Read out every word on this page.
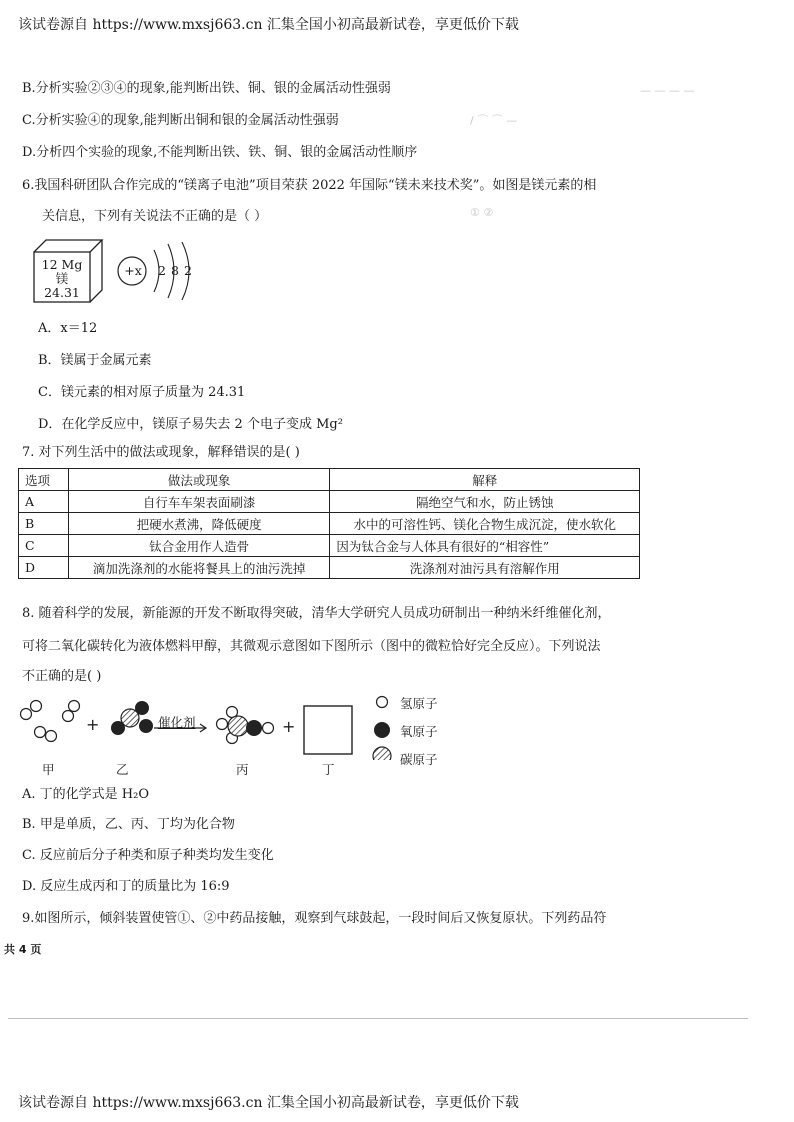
— — — —
/ ⌒ ⌒ —
① ②
该试卷源自 https://www.mxsj663.cn 汇集全国小初高最新试卷，享更低价下载
B.分析实验②③④的现象,能判断出铁、铜、银的金属活动性强弱
C.分析实验④的现象,能判断出铜和银的金属活动性强弱
D.分析四个实验的现象,不能判断出铁、铁、铜、银的金属活动性顺序
6.我国科研团队合作完成的“镁离子电池”项目荣获 2022 年国际“镁未来技术奖”。如图是镁元素的相
关信息，下列有关说法不正确的是（ ）
12 Mg
镁
24.31
+x	2 8 2
A．x＝12
B．镁属于金属元素
C．镁元素的相对原子质量为 24.31
D．在化学反应中，镁原子易失去 2 个电子变成 Mg²
7. 对下列生活中的做法或现象，解释错误的是( )
选项	做法或现象	解释
A	自行车车架表面刷漆	隔绝空气和水，防止锈蚀
B	把硬水煮沸，降低硬度	水中的可溶性钙、镁化合物生成沉淀，使水软化
C	钛合金用作人造骨	因为钛合金与人体具有很好的“相容性”
D	滴加洗涤剂的水能将餐具上的油污洗掉	洗涤剂对油污具有溶解作用
8. 随着科学的发展，新能源的开发不断取得突破，清华大学研究人员成功研制出一种纳米纤维催化剂，
可将二氧化碳转化为液体燃料甲醇，其微观示意图如下图所示（图中的微粒恰好完全反应）。下列说法
不正确的是( )
+	+
催化剂
氢原子
氧原子
碳原子
甲	乙	丙	丁
A. 丁的化学式是 H₂O
B. 甲是单质，乙、丙、丁均为化合物
C. 反应前后分子种类和原子种类均发生变化
D. 反应生成丙和丁的质量比为 16:9
9.如图所示，倾斜装置使管①、②中药品接触，观察到气球鼓起，一段时间后又恢复原状。下列药品符
共 4 页
该试卷源自 https://www.mxsj663.cn 汇集全国小初高最新试卷，享更低价下载
